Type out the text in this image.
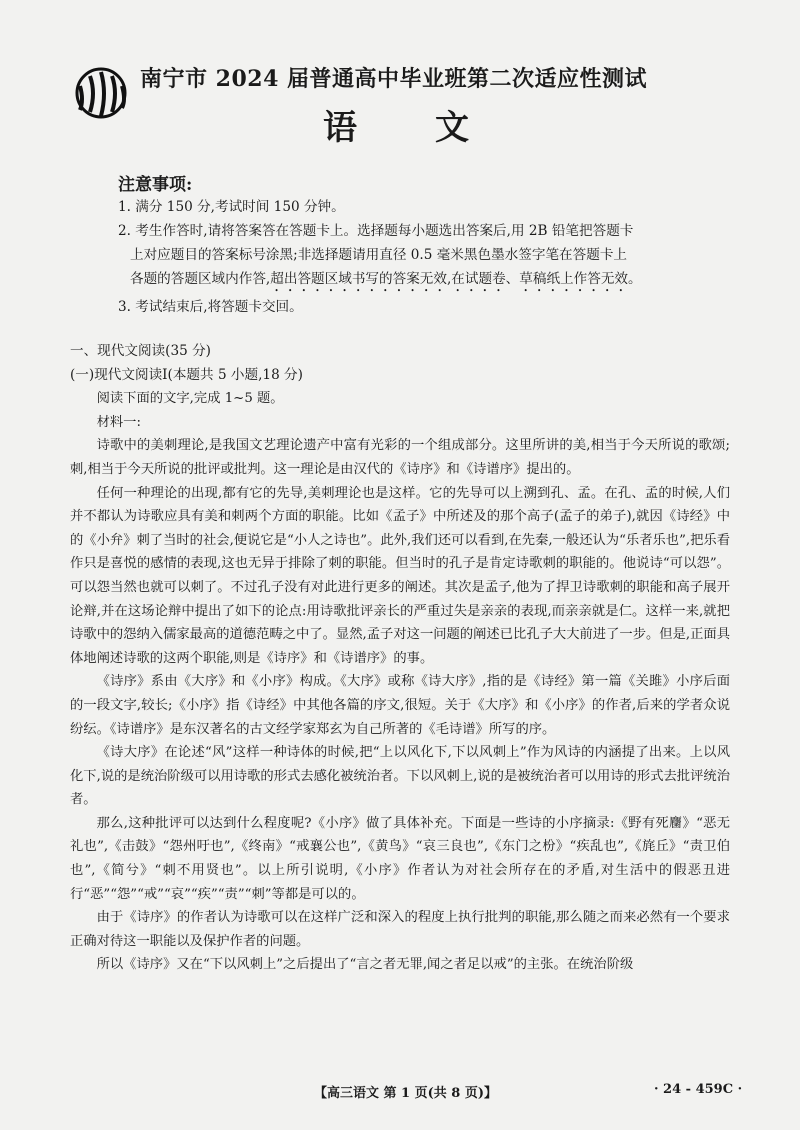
南宁市 2024 届普通高中毕业班第二次适应性测试
语文
注意事项:

1. 满分 150 分,考试时间 150 分钟。

2. 考生作答时,请将答案答在答题卡上。选择题每小题选出答案后,用 2B 铅笔把答题卡

上对应题目的答案标号涂黑;非选择题请用直径 0.5 毫米黑色墨水签字笔在答题卡上

各题的答题区域内作答,超出答题区域书写的答案无效,在试题卷、草稿纸上作答无效。

3. 考试结束后,将答题卡交回。

一、现代文阅读(35 分)

(一)现代文阅读Ⅰ(本题共 5 小题,18 分)

阅读下面的文字,完成 1~5 题。

材料一:

诗歌中的美刺理论,是我国文艺理论遗产中富有光彩的一个组成部分。这里所讲的美,相当于今天所说的歌颂;刺,相当于今天所说的批评或批判。这一理论是由汉代的《诗序》和《诗谱序》提出的。

任何一种理论的出现,都有它的先导,美刺理论也是这样。它的先导可以上溯到孔、孟。在孔、孟的时候,人们并不都认为诗歌应具有美和刺两个方面的职能。比如《孟子》中所述及的那个高子(孟子的弟子),就因《诗经》中的《小弁》刺了当时的社会,便说它是“小人之诗也”。此外,我们还可以看到,在先秦,一般还认为“乐者乐也”,把乐看作只是喜悦的感情的表现,这也无异于排除了刺的职能。但当时的孔子是肯定诗歌刺的职能的。他说诗“可以怨”。可以怨当然也就可以刺了。不过孔子没有对此进行更多的阐述。其次是孟子,他为了捍卫诗歌刺的职能和高子展开论辩,并在这场论辩中提出了如下的论点:用诗歌批评亲长的严重过失是亲亲的表现,而亲亲就是仁。这样一来,就把诗歌中的怨纳入儒家最高的道德范畴之中了。显然,孟子对这一问题的阐述已比孔子大大前进了一步。但是,正面具体地阐述诗歌的这两个职能,则是《诗序》和《诗谱序》的事。

《诗序》系由《大序》和《小序》构成。《大序》或称《诗大序》,指的是《诗经》第一篇《关雎》小序后面的一段文字,较长;《小序》指《诗经》中其他各篇的序文,很短。关于《大序》和《小序》的作者,后来的学者众说纷纭。《诗谱序》是东汉著名的古文经学家郑玄为自己所著的《毛诗谱》所写的序。

《诗大序》在论述“风”这样一种诗体的时候,把“上以风化下,下以风刺上”作为风诗的内涵提了出来。上以风化下,说的是统治阶级可以用诗歌的形式去感化被统治者。下以风刺上,说的是被统治者可以用诗的形式去批评统治者。

那么,这种批评可以达到什么程度呢?《小序》做了具体补充。下面是一些诗的小序摘录:《野有死麕》“恶无礼也”,《击鼓》“怨州吁也”,《终南》“戒襄公也”,《黄鸟》“哀三良也”,《东门之枌》“疾乱也”,《旄丘》“责卫伯也”,《简兮》“刺不用贤也”。以上所引说明,《小序》作者认为对社会所存在的矛盾,对生活中的假恶丑进行“恶”“怨”“戒”“哀”“疾”“责”“刺”等都是可以的。

由于《诗序》的作者认为诗歌可以在这样广泛和深入的程度上执行批判的职能,那么随之而来必然有一个要求正确对待这一职能以及保护作者的问题。

所以《诗序》又在“下以风刺上”之后提出了“言之者无罪,闻之者足以戒”的主张。在统治阶级

【高三语文 第 1 页(共 8 页)】	· 24 - 459C ·
